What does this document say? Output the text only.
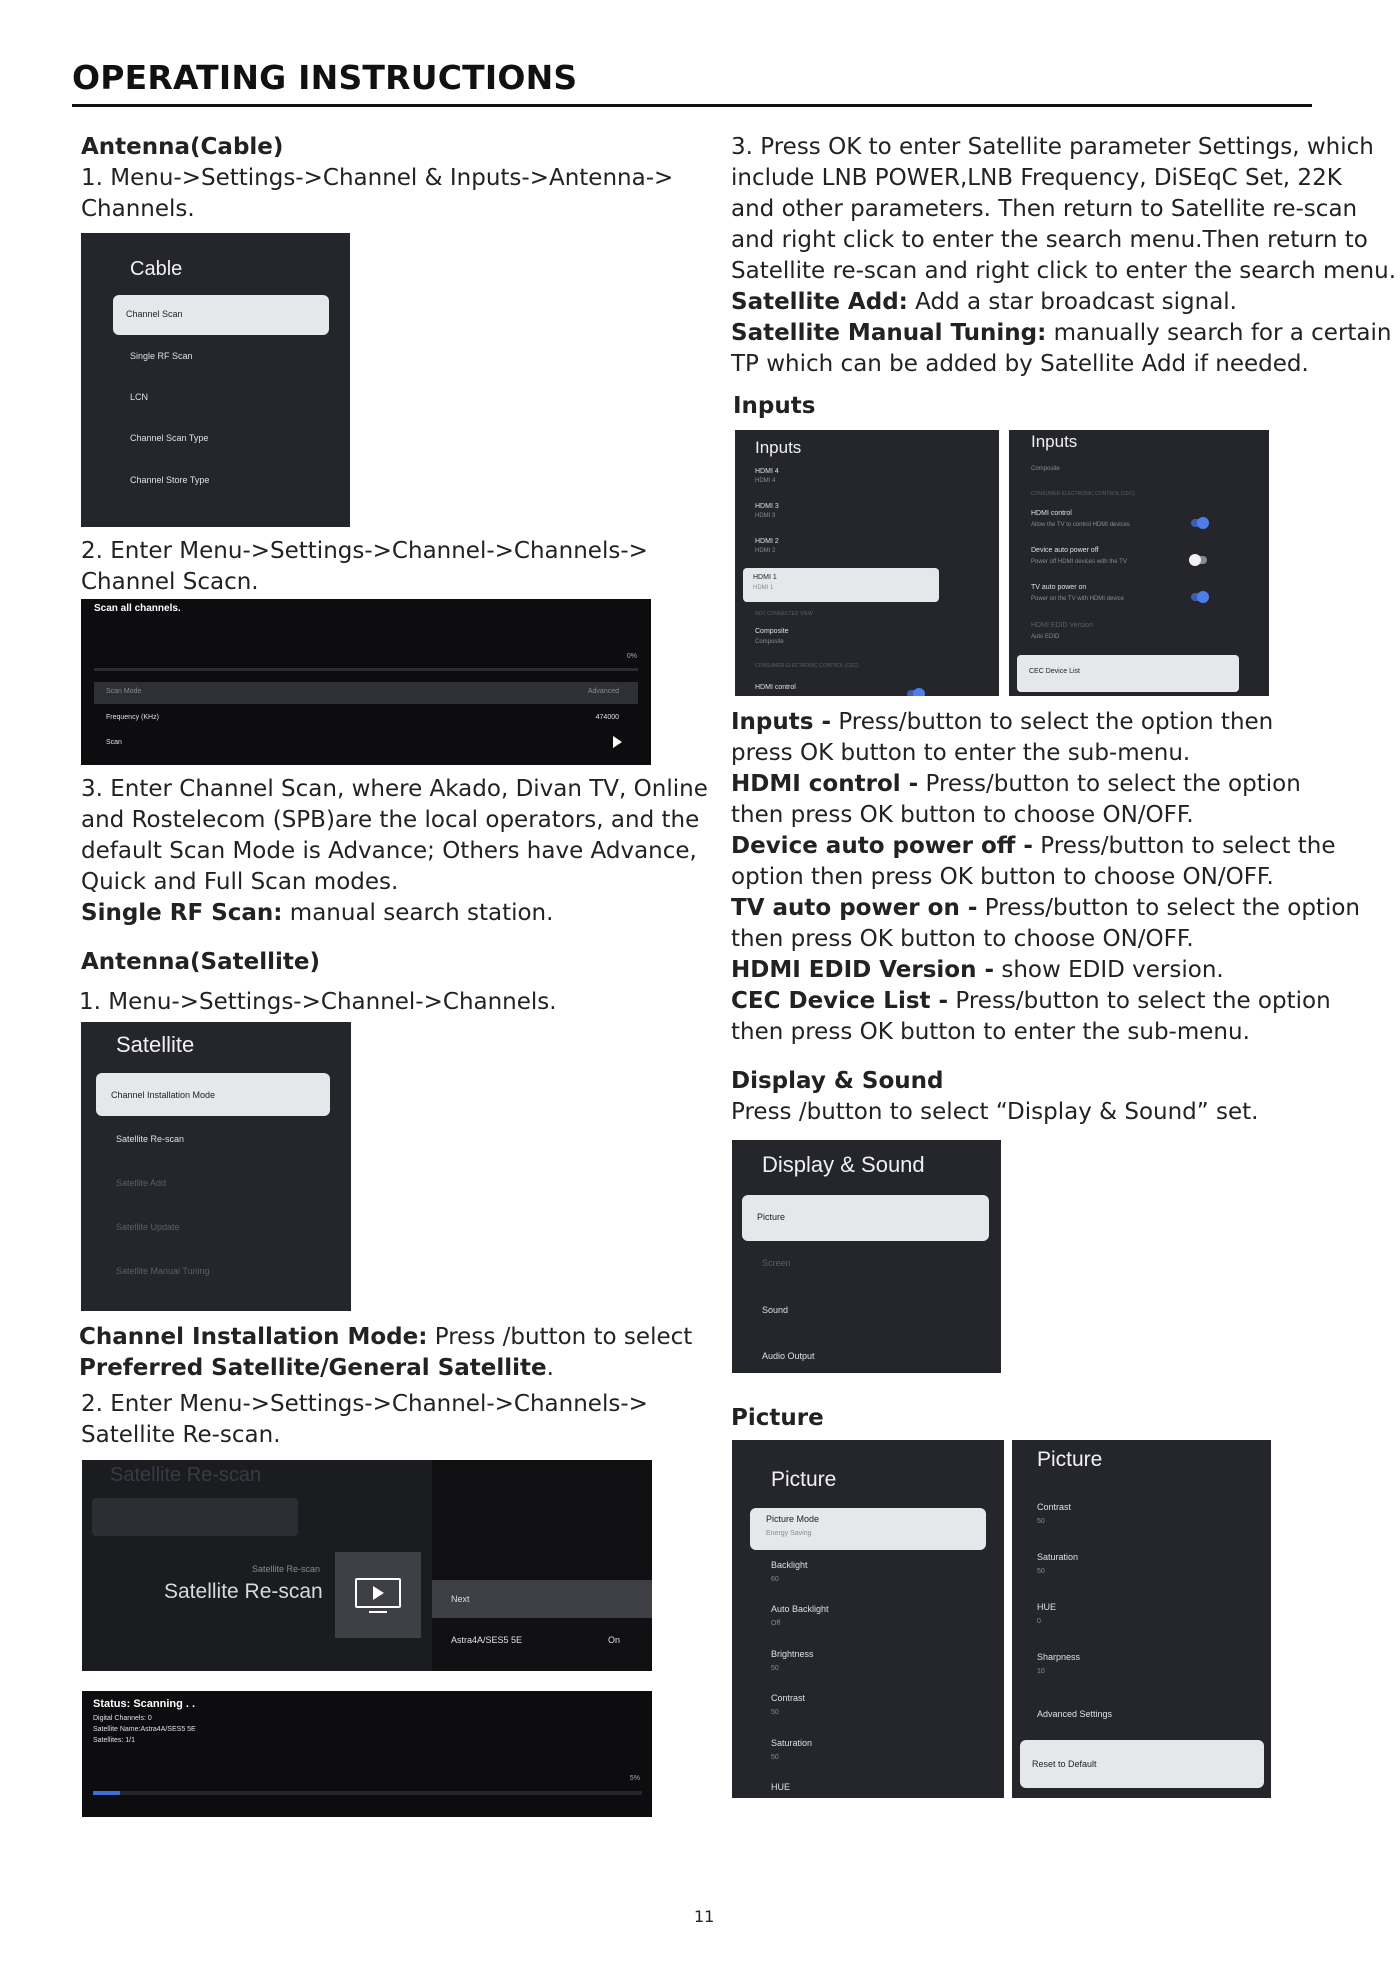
OPERATING INSTRUCTIONS
Antenna(Cable)
1. Menu->Settings->Channel & Inputs->Antenna->
Channels.
Cable
Channel Scan
Single RF Scan
LCN
Channel Scan Type
Channel Store Type
2. Enter Menu->Settings->Channel->Channels->
Channel Scacn.
Scan all channels.
0%
Scan Mode	Advanced
Frequency (KHz)	474000
Scan
3. Enter Channel Scan, where Akado, Divan TV, Online
and Rostelecom (SPB)are the local operators, and the
default Scan Mode is Advance; Others have Advance,
Quick and Full Scan modes.
Single RF Scan: manual search station.
Antenna(Satellite)
1. Menu->Settings->Channel->Channels.
Satellite
Channel Installation Mode
Satellite Re-scan
Satellite Add
Satellite Update
Satellite Manual Tuning
Channel Installation Mode: Press /button to select
Preferred Satellite/General Satellite.
2. Enter Menu->Settings->Channel->Channels->
Satellite Re-scan.
Satellite Re-scan
Satellite Re-scan
Satellite Re-scan	Next
Astra4A/SES5 5E	On
Status: Scanning . .
Digital Channels: 0
Satellite Name:Astra4A/SES5 5E
Satellites: 1/1
5%
3. Press OK to enter Satellite parameter Settings, which
include LNB POWER,LNB Frequency, DiSEqC Set, 22K
and other parameters. Then return to Satellite re-scan
and right click to enter the search menu.Then return to
Satellite re-scan and right click to enter the search menu.
Satellite Add: Add a star broadcast signal.
Satellite Manual Tuning: manually search for a certain
TP which can be added by Satellite Add if needed.
Inputs
Inputs
HDMI 4
HDMI 4
HDMI 3
HDMI 3
HDMI 2
HDMI 2
HDMI 1
HDMI 1
NOT CONNECTED VIEW
Composite
Composite
CONSUMER ELECTRONIC CONTROL (CEC)
HDMI control
Inputs
Composite
CONSUMER ELECTRONIC CONTROL (CEC)
HDMI control
Allow the TV to control HDMI devices
Device auto power off
Power off HDMI devices with the TV
TV auto power on
Power on the TV with HDMI device
HDMI EDID Version
Auto EDID
CEC Device List
Inputs - Press/button to select the option then
press OK button to enter the sub-menu.
HDMI control - Press/button to select the option
then press OK button to choose ON/OFF.
Device auto power off - Press/button to select the
option then press OK button to choose ON/OFF.
TV auto power on - Press/button to select the option
then press OK button to choose ON/OFF.
HDMI EDID Version - show EDID version.
CEC Device List - Press/button to select the option
then press OK button to enter the sub-menu.
Display & Sound
Press /button to select “Display & Sound” set.
Display & Sound
Picture
Screen
Sound
Audio Output
Picture
Picture
Picture Mode
Energy Saving
Backlight
60
Auto Backlight
Off
Brightness
50
Contrast
50
Saturation
50
HUE
Picture
Contrast
50
Saturation
50
HUE
0
Sharpness
10
Advanced Settings
Reset to Default
11
